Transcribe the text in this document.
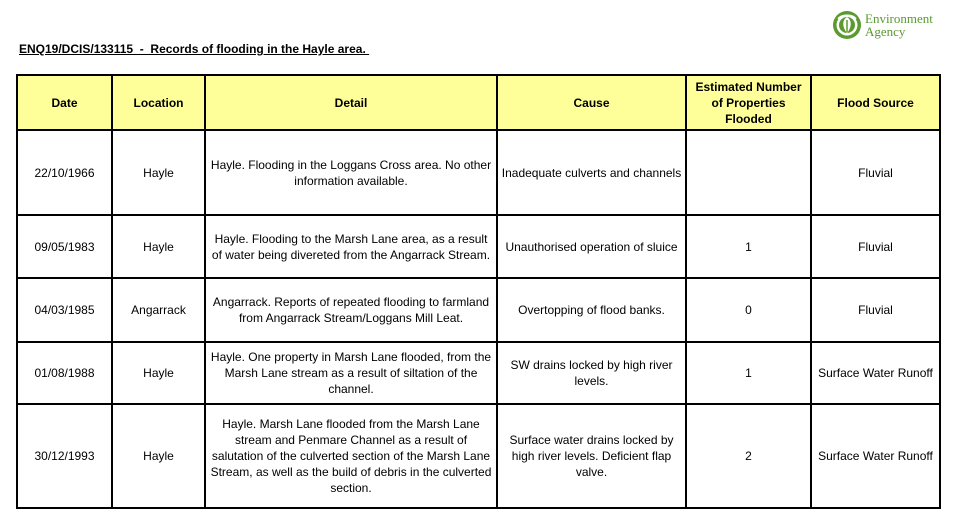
Environment
Agency
ENQ19/DCIS/133115  -  Records of flooding in the Hayle area.
Date	Location	Detail	Cause	Estimated Number of Properties Flooded	Flood Source
22/10/1966	Hayle	Hayle. Flooding in the Loggans Cross area. No other information available.	Inadequate culverts and channels		Fluvial
09/05/1983	Hayle	Hayle. Flooding to the Marsh Lane area, as a result of water being divereted from the Angarrack Stream.	Unauthorised operation of sluice	1	Fluvial
04/03/1985	Angarrack	Angarrack. Reports of repeated flooding to farmland from Angarrack Stream/Loggans Mill Leat.	Overtopping of flood banks.	0	Fluvial
01/08/1988	Hayle	Hayle. One property in Marsh Lane flooded, from the Marsh Lane stream as a result of siltation of the channel.	SW drains locked by high river levels.	1	Surface Water Runoff
30/12/1993	Hayle	Hayle. Marsh Lane flooded from the Marsh Lane stream and Penmare Channel as a result of salutation of the culverted section of the Marsh Lane Stream, as well as the build of debris in the culverted section.	Surface water drains locked by high river levels. Deficient flap valve.	2	Surface Water Runoff
